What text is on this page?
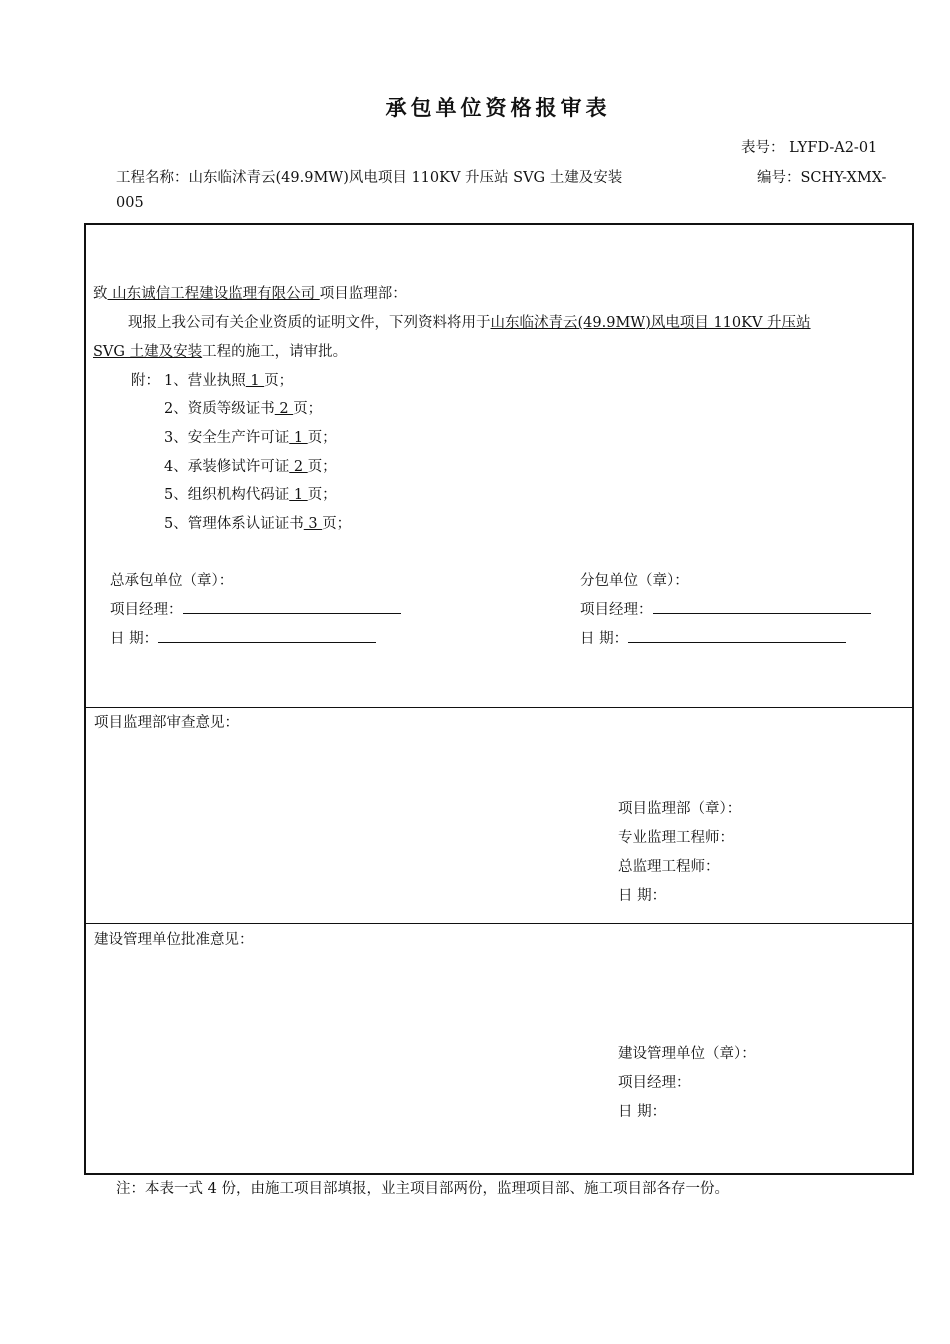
承包单位资格报审表
表号： LYFD-A2-01
工程名称：山东临沭青云(49.9MW)风电项目 110KV 升压站 SVG 土建及安装	编号：SCHY-XMX-
005
致 山东诚信工程建设监理有限公司 项目监理部：
现报上我公司有关企业资质的证明文件，下列资料将用于山东临沭青云(49.9MW)风电项目 110KV 升压站
SVG 土建及安装工程的施工，请审批。
附： 1、营业执照 1 页；
2、资质等级证书 2 页；
3、安全生产许可证 1 页；
4、承装修试许可证 2 页；
5、组织机构代码证 1 页；
5、管理体系认证证书 3 页；
总承包单位（章）：
项目经理：
日 期：
分包单位（章）：
项目经理：
日 期：
项目监理部审查意见：
项目监理部（章）：
专业监理工程师：
总监理工程师：
日 期：
建设管理单位批准意见：
建设管理单位（章）：
项目经理：
日 期：
注：本表一式 4 份，由施工项目部填报，业主项目部两份，监理项目部、施工项目部各存一份。
